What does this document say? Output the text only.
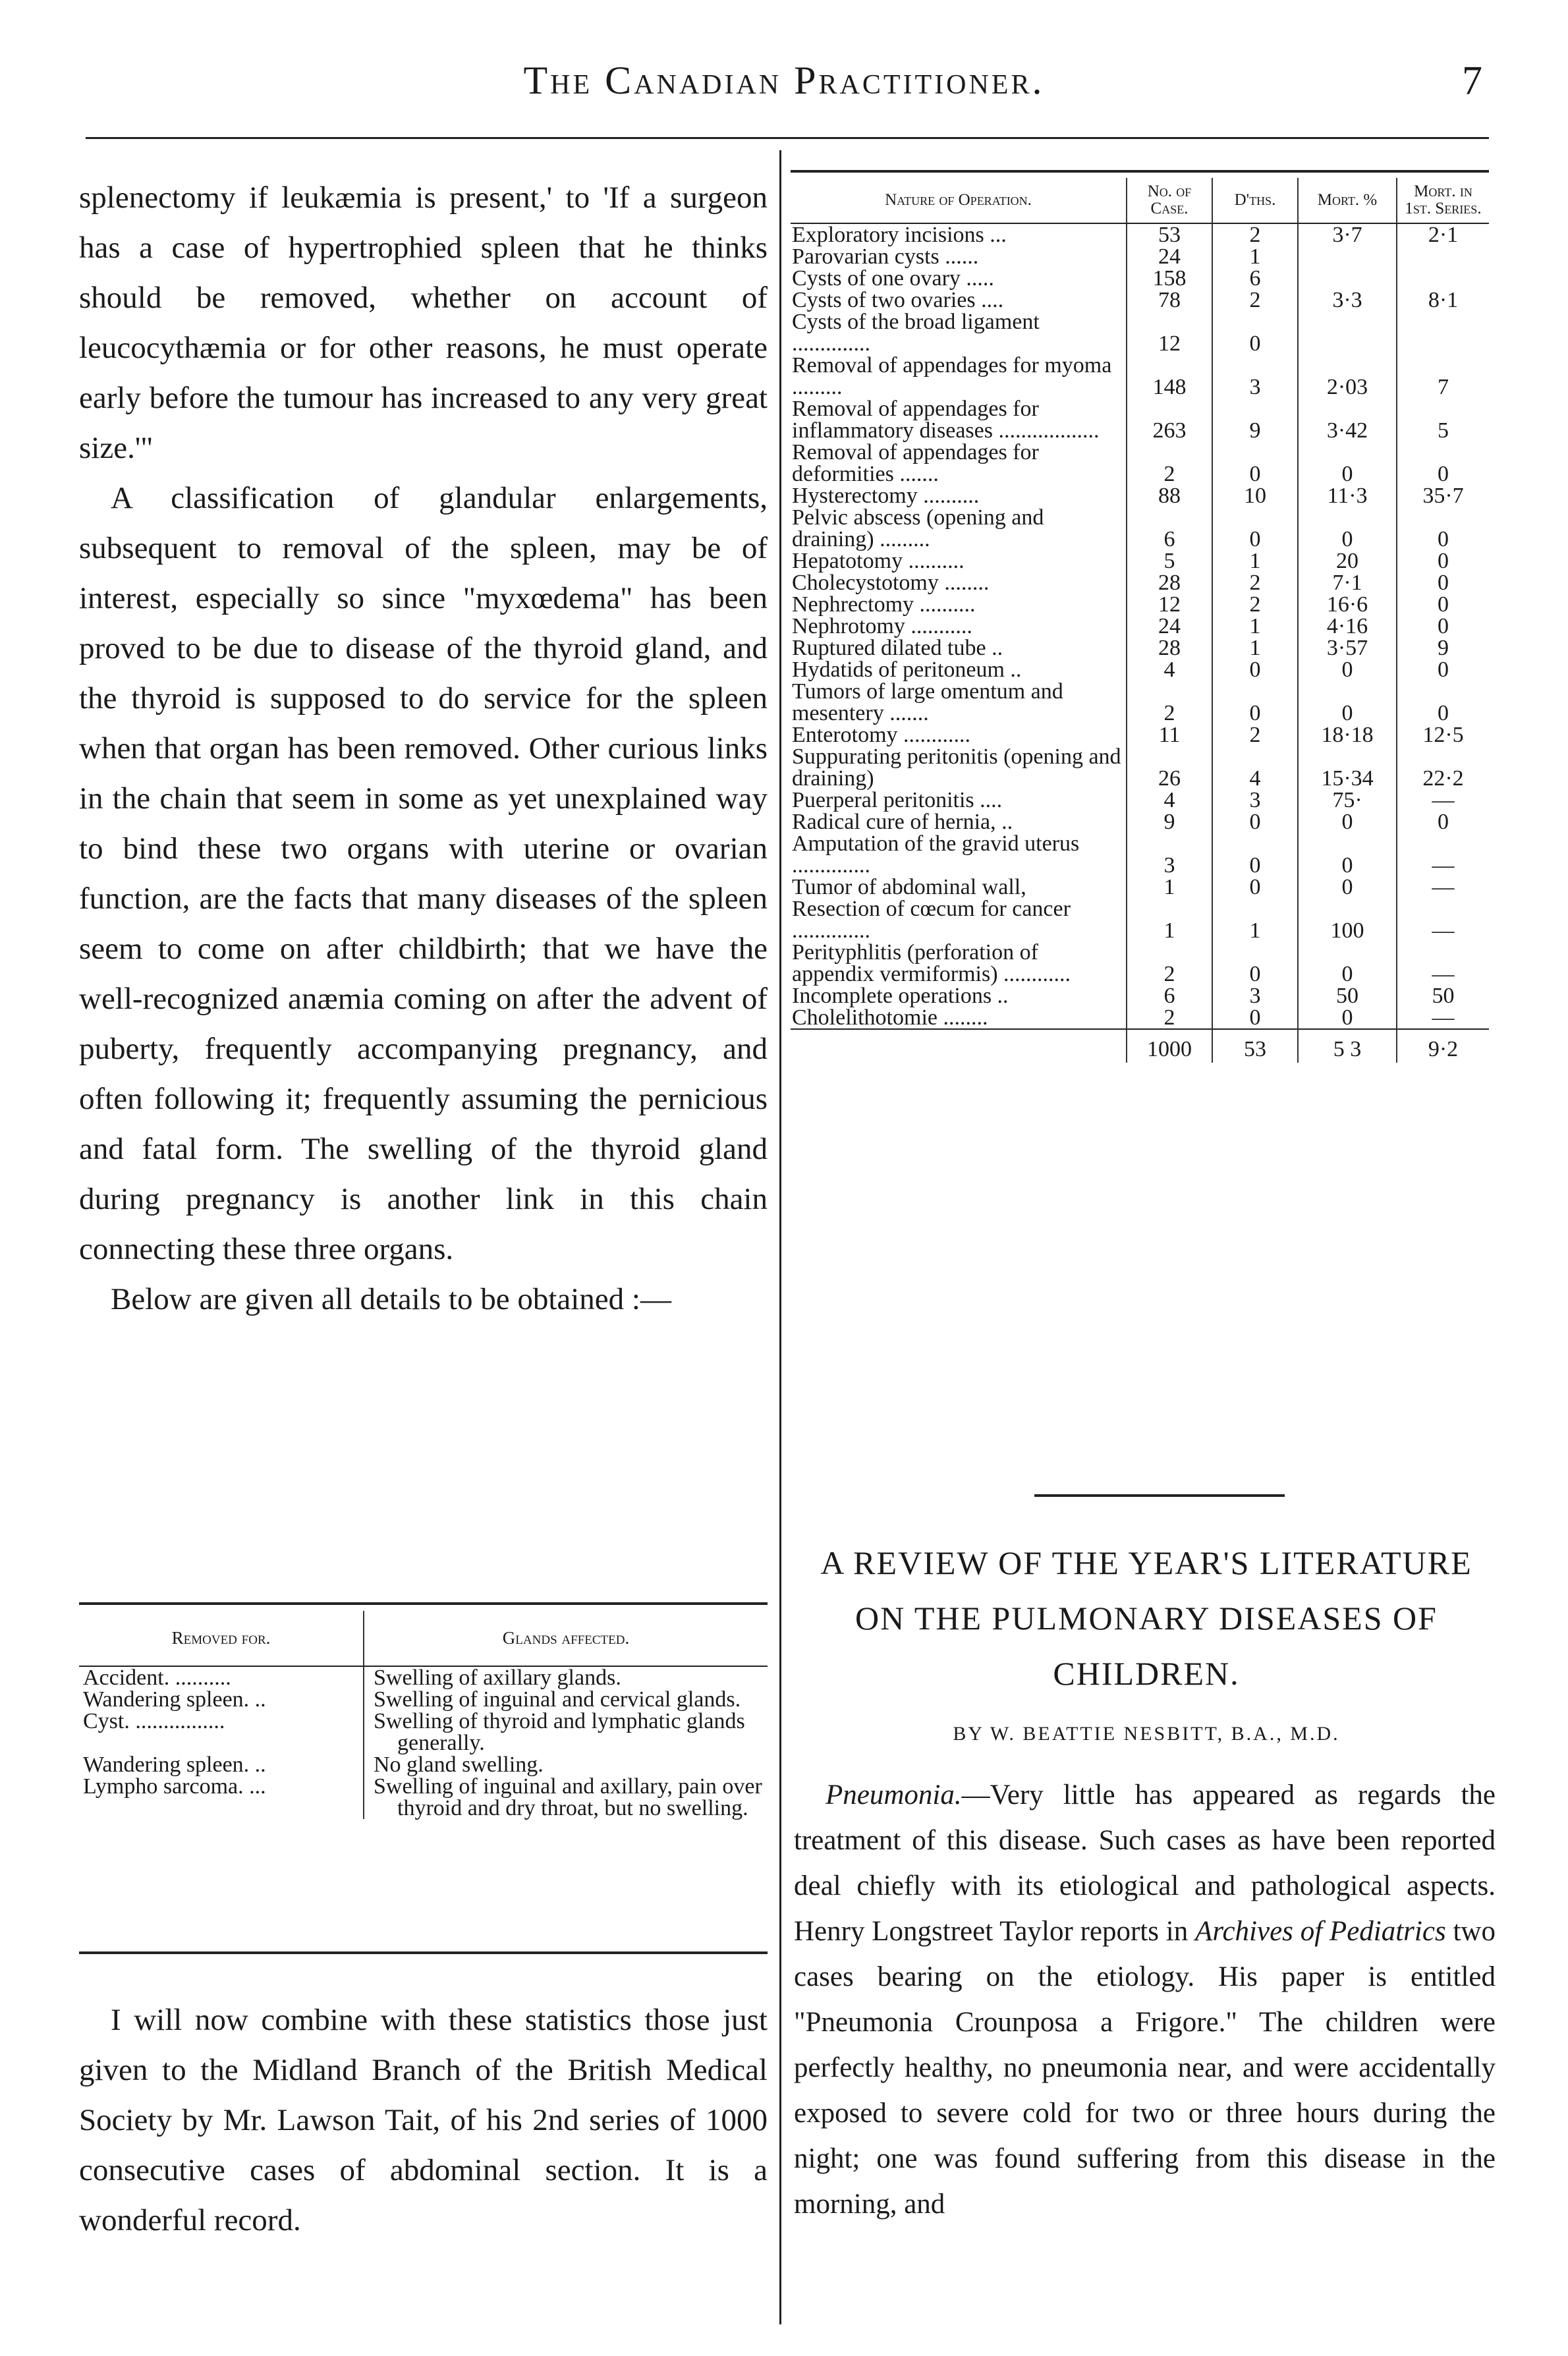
The Canadian Practitioner.	7

splenectomy if leukæmia is present,' to 'If a surgeon has a case of hypertrophied spleen that he thinks should be removed, whether on account of leucocythæmia or for other reasons, he must operate early before the tumour has increased to any very great size.'"

A classification of glandular enlargements, subsequent to removal of the spleen, may be of interest, especially so since "myxœdema" has been proved to be due to disease of the thyroid gland, and the thyroid is supposed to do service for the spleen when that organ has been removed. Other curious links in the chain that seem in some as yet unexplained way to bind these two organs with uterine or ovarian function, are the facts that many diseases of the spleen seem to come on after childbirth; that we have the well-recognized anæmia coming on after the advent of puberty, frequently accompanying pregnancy, and often following it; frequently assuming the pernicious and fatal form. The swelling of the thyroid gland during pregnancy is another link in this chain connecting these three organs.

Below are given all details to be obtained :—

Removed for.	Glands affected.
Accident. ..........	Swelling of axillary glands.

Wandering spleen. ..	Swelling of inguinal and cervical glands.

Cyst. ................	Swelling of thyroid and lymphatic glands generally.

Wandering spleen. ..	No gland swelling.

Lympho sarcoma. ...	Swelling of inguinal and axillary, pain over thyroid and dry throat, but no swelling.

I will now combine with these statistics those just given to the Midland Branch of the British Medical Society by Mr. Lawson Tait, of his 2nd series of 1000 consecutive cases of abdominal section. It is a wonderful record.

Nature of Operation.	No. of Case.	D'ths.	Mort. %	Mort. in 1st. Series.
Exploratory incisions ...	53	2	3·7	2·1
Parovarian cysts ......	24	1		
Cysts of one ovary .....	158	6		
Cysts of two ovaries ....	78	2	3·3	8·1
Cysts of the broad ligament ..............	12	0		
Removal of appendages for myoma .........	148	3	2·03	7
Removal of appendages for inflammatory diseases ..................	263	9	3·42	5
Removal of appendages for deformities .......	2	0	0	0
Hysterectomy ..........	88	10	11·3	35·7
Pelvic abscess (opening and draining) .........	6	0	0	0
Hepatotomy ..........	5	1	20	0
Cholecystotomy ........	28	2	7·1	0
Nephrectomy ..........	12	2	16·6	0
Nephrotomy ...........	24	1	4·16	0
Ruptured dilated tube ..	28	1	3·57	9
Hydatids of peritoneum ..	4	0	0	0
Tumors of large omentum and mesentery .......	2	0	0	0
Enterotomy ............	11	2	18·18	12·5
Suppurating peritonitis (opening and draining)	26	4	15·34	22·2
Puerperal peritonitis ....	4	3	75·	—
Radical cure of hernia, ..	9	0	0	0
Amputation of the gravid uterus ..............	3	0	0	—
Tumor of abdominal wall,	1	0	0	—
Resection of cœcum for cancer ..............	1	1	100	—
Perityphlitis (perforation of appendix vermiformis) ............	2	0	0	—
Incomplete operations ..	6	3	50	50
Cholelithotomie ........	2	0	0	—
	1000	53	5 3	9·2
A REVIEW OF THE YEAR'S LITERATURE ON THE PULMONARY DISEASES OF CHILDREN.
BY W. BEATTIE NESBITT, B.A., M.D.

Pneumonia.—Very little has appeared as regards the treatment of this disease. Such cases as have been reported deal chiefly with its etiological and pathological aspects. Henry Longstreet Taylor reports in Archives of Pediatrics two cases bearing on the etiology. His paper is entitled "Pneumonia Crounposa a Frigore." The children were perfectly healthy, no pneumonia near, and were accidentally exposed to severe cold for two or three hours during the night; one was found suffering from this disease in the morning, and
